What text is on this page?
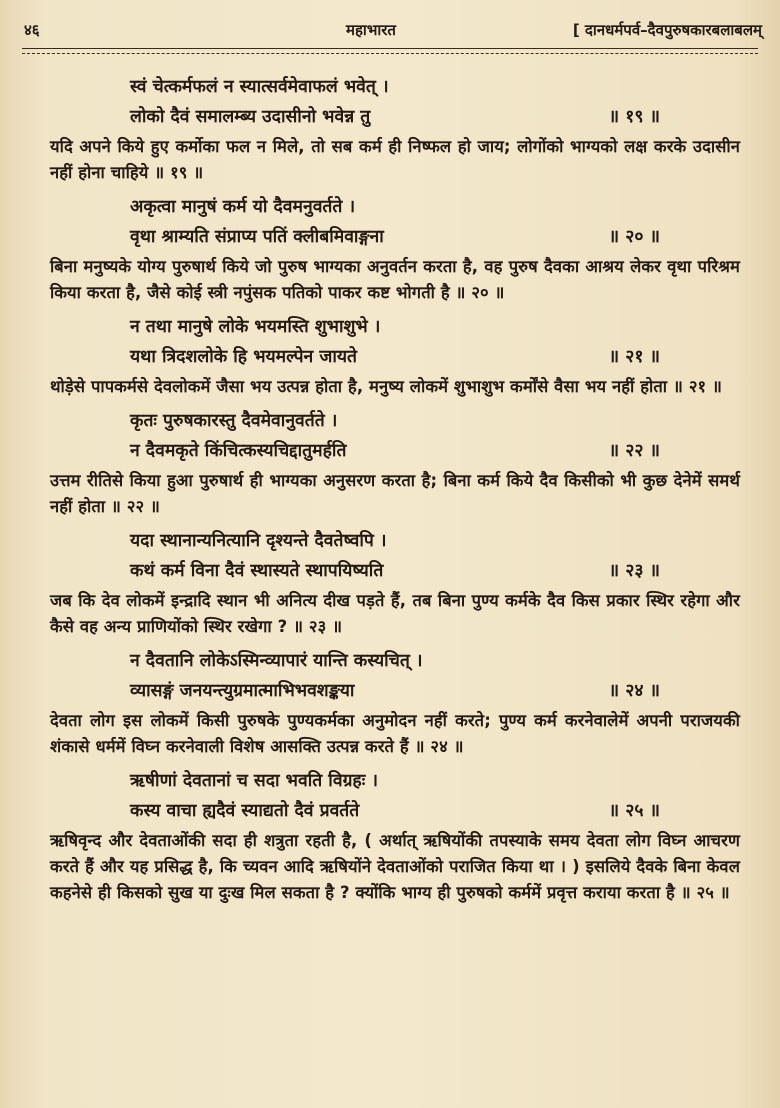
४६	महाभारत	[ दानधर्मपर्व–दैवपुरुषकारबलाबलम्
स्वं चेत्कर्मफलं न स्यात्सर्वमेवाफलं भवेत् ।
लोको दैवं समालम्ब्य उदासीनो भवेन्न तु	॥ १९ ॥
यदि अपने किये हुए कर्मोका फल न मिले, तो सब कर्म ही निष्फल हो जाय; लोगोंको भाग्यको लक्ष करके उदासीन नहीं होना चाहिये ॥ १९ ॥
अकृत्वा मानुषं कर्म यो दैवमनुवर्तते ।
वृथा श्राम्यति संप्राप्य पतिं क्लीबमिवाङ्गना	॥ २० ॥
बिना मनुष्यके योग्य पुरुषार्थ किये जो पुरुष भाग्यका अनुवर्तन करता है, वह पुरुष दैवका आश्रय लेकर वृथा परिश्रम किया करता है, जैसे कोई स्त्री नपुंसक पतिको पाकर कष्ट भोगती है ॥ २० ॥
न तथा मानुषे लोके भयमस्ति शुभाशुभे ।
यथा त्रिदशलोके हि भयमल्पेन जायते	॥ २१ ॥
थोड़ेसे पापकर्मसे देवलोकमें जैसा भय उत्पन्न होता है, मनुष्य लोकमें शुभाशुभ कर्मोंसे वैसा भय नहीं होता ॥ २१ ॥
कृतः पुरुषकारस्तु दैवमेवानुवर्तते ।
न दैवमकृते किंचित्कस्यचिद्दातुमर्हति	॥ २२ ॥
उत्तम रीतिसे किया हुआ पुरुषार्थ ही भाग्यका अनुसरण करता है; बिना कर्म किये दैव किसीको भी कुछ देनेमें समर्थ नहीं होता ॥ २२ ॥
यदा स्थानान्यनित्यानि दृश्यन्ते दैवतेष्वपि ।
कथं कर्म विना दैवं स्थास्यते स्थापयिष्यति	॥ २३ ॥
जब कि देव लोकमें इन्द्रादि स्थान भी अनित्य दीख पड़ते हैं, तब बिना पुण्य कर्मके दैव किस प्रकार स्थिर रहेगा और कैसे वह अन्य प्राणियोंको स्थिर रखेगा ? ॥ २३ ॥
न दैवतानि लोकेऽस्मिन्व्यापारं यान्ति कस्यचित् ।
व्यासङ्गं जनयन्त्युग्रमात्माभिभवशङ्कया	॥ २४ ॥
देवता लोग इस लोकमें किसी पुरुषके पुण्यकर्मका अनुमोदन नहीं करते; पुण्य कर्म करनेवालेमें अपनी पराजयकी शंकासे धर्ममें विघ्न करनेवाली विशेष आसक्ति उत्पन्न करते हैं ॥ २४ ॥
ऋषीणां देवतानां च सदा भवति विग्रहः ।
कस्य वाचा ह्यदैवं स्याद्यतो दैवं प्रवर्तते	॥ २५ ॥
ऋषिवृन्द और देवताओंकी सदा ही शत्रुता रहती है, ( अर्थात् ऋषियोंकी तपस्याके समय देवता लोग विघ्न आचरण करते हैं और यह प्रसिद्ध है, कि च्यवन आदि ऋषियोंने देवताओंको पराजित किया था । ) इसलिये दैवके बिना केवल कहनेसे ही किसको सुख या दुःख मिल सकता है ? क्योंकि भाग्य ही पुरुषको कर्ममें प्रवृत्त कराया करता है ॥ २५ ॥
